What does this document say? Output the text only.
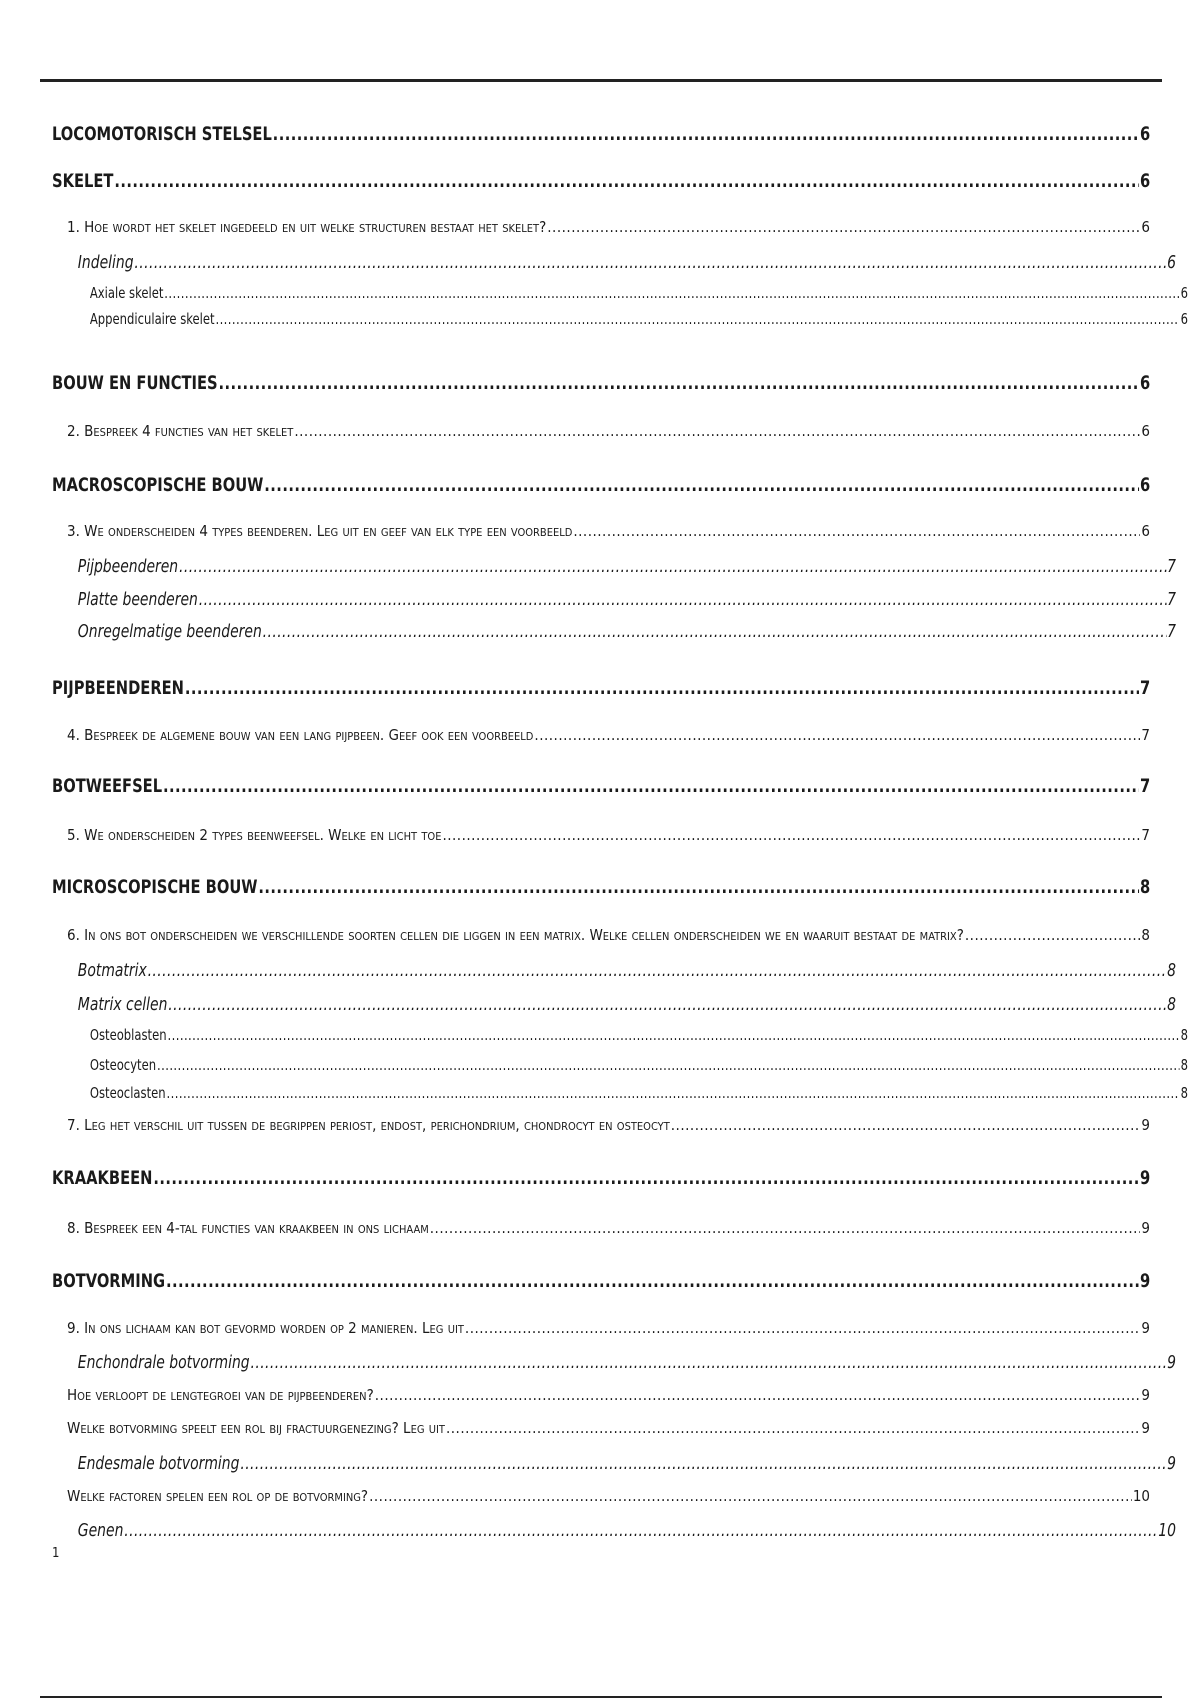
LOCOMOTORISCH STELSEL .....	6
SKELET .....	6
1. Hoe wordt het skelet ingedeeld en uit welke structuren bestaat het skelet? .....	6
Indeling .....	6
Axiale skelet .....	6
Appendiculaire skelet .....	6
BOUW EN FUNCTIES .....	6
2. Bespreek 4 functies van het skelet .....	6
MACROSCOPISCHE BOUW .....	6
3. We onderscheiden 4 types beenderen. Leg uit en geef van elk type een voorbeeld .....	6
Pijpbeenderen .....	7
Platte beenderen .....	7
Onregelmatige beenderen .....	7
PIJPBEENDEREN .....	7
4. Bespreek de algemene bouw van een lang pijpbeen. Geef ook een voorbeeld .....	7
BOTWEEFSEL .....	7
5. We onderscheiden 2 types beenweefsel. Welke en licht toe .....	7
MICROSCOPISCHE BOUW .....	8
6. In ons bot onderscheiden we verschillende soorten cellen die liggen in een matrix. Welke cellen onderscheiden we en waaruit bestaat de matrix? .....	8
Botmatrix .....	8
Matrix cellen .....	8
Osteoblasten .....	8
Osteocyten .....	8
Osteoclasten .....	8
7. Leg het verschil uit tussen de begrippen periost, endost, perichondrium, chondrocyt en osteocyt .....	9
KRAAKBEEN .....	9
8. Bespreek een 4-tal functies van kraakbeen in ons lichaam .....	9
BOTVORMING .....	9
9. In ons lichaam kan bot gevormd worden op 2 manieren. Leg uit .....	9
Enchondrale botvorming .....	9
Hoe verloopt de lengtegroei van de pijpbeenderen? .....	9
Welke botvorming speelt een rol bij fractuurgenezing? Leg uit .....	9
Endesmale botvorming .....	9
Welke factoren spelen een rol op de botvorming? .....	10
Genen .....	10
1
